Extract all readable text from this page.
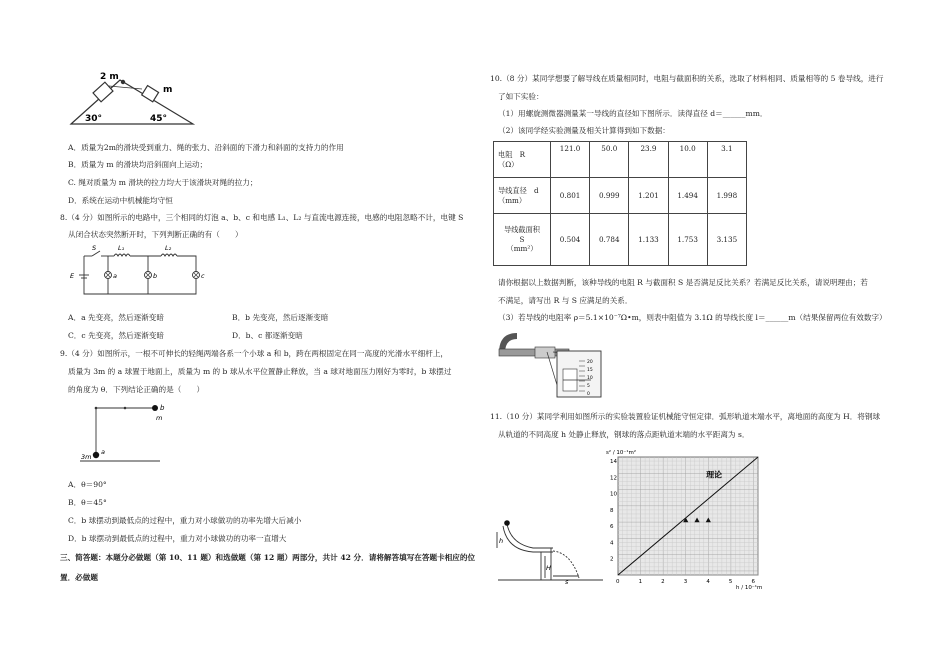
2 m
m
30°	45°
A．质量为2m的滑块受到重力、绳的张力、沿斜面的下滑力和斜面的支持力的作用
B．质量为 m 的滑块均沿斜面向上运动；
C. 绳对质量为 m 滑块的拉力均大于该滑块对绳的拉力；
D．系统在运动中机械能均守恒
8.（4 分）如图所示的电路中，三个相同的灯泡 a、b、c 和电感 L₁、L₂ 与直流电源连接，电感的电阻忽略不计，电键 S
从闭合状态突然断开时，下列判断正确的有（　　）
S
E
L₁	L₂
a	b	c
A．a 先变亮，然后逐渐变暗	B．b 先变亮，然后逐渐变暗
C．c 先变亮，然后逐渐变暗	D．b、c 都逐渐变暗
9.（4 分）如图所示，一根不可伸长的轻绳两端各系一个小球 a 和 b，跨在两根固定在同一高度的光滑水平细杆上，
质量为 3m 的 a 球置于地面上，质量为 m 的 b 球从水平位置静止释放，当 a 球对地面压力刚好为零时，b 球摆过
的角度为 θ．下列结论正确的是（　　）
b
m
a
3m
A．θ＝90°
B．θ＝45°
C．b 球摆动到最低点的过程中，重力对小球做功的功率先增大后减小
D．b 球摆动到最低点的过程中，重力对小球做功的功率一直增大
三、简答题：本题分必做题（第 10、11 题）和选做题（第 12 题）两部分，共计 42 分．请将解答填写在答题卡相应的位
置．必做题
10.（8 分）某同学想要了解导线在质量相同时，电阻与截面积的关系，选取了材料相同、质量相等的 5 卷导线，进行
了如下实验：
（1）用螺旋测微器测量某一导线的直径如下图所示．读得直径 d＝______mm．
（2）该同学经实验测量及相关计算得到如下数据：
电阻　R
（Ω）	121.0	50.0	23.9	10.0	3.1
导线直径　d
（mm）	0.801	0.999	1.201	1.494	1.998
导线截面积
S
（mm²）	0.504	0.784	1.133	1.753	3.135
请你根据以上数据判断，该种导线的电阻 R 与截面积 S 是否满足反比关系？若满足反比关系，请说明理由；若
不满足，请写出 R 与 S 应满足的关系．
（3）若导线的电阻率 ρ＝5.1×10⁻⁷Ω•m，则表中阻值为 3.1Ω 的导线长度 l＝______m（结果保留两位有效数字）
20
15
10
5
0
11.（10 分）某同学利用如图所示的实验装置验证机械能守恒定律．弧形轨道末端水平，离地面的高度为 H．将钢球
从轨道的不同高度 h 处静止释放，钢球的落点距轨道末端的水平距离为 s．
h
H
s	0	1	2	3	4	5	6
2
4
6
8
10
12
14
理论
s² / 10⁻¹m²
h / 10⁻¹m
